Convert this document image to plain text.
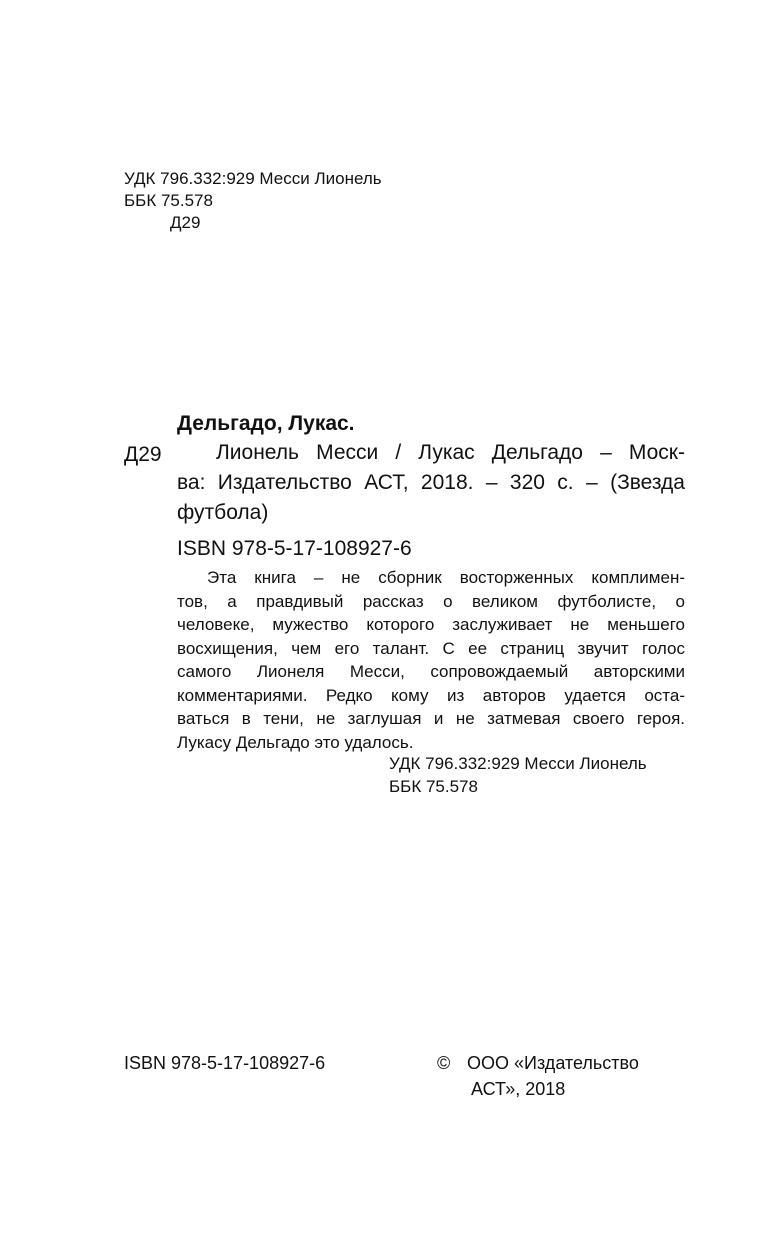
УДК 796.332:929 Месси Лионель
ББК 75.578
Д29
Дельгадо, Лукас.
Д29	Лионель Месси / Лукас Дельгадо – Моск-
ва: Издательство АСТ, 2018. – 320 с. – (Звезда
футбола)
ISBN 978-5-17-108927-6
Эта книга – не сборник восторженных комплимен-
тов, а правдивый рассказ о великом футболисте, о
человеке, мужество которого заслуживает не меньшего
восхищения, чем его талант. С ее страниц звучит голос
самого Лионеля Месси, сопровождаемый авторскими
комментариями. Редко кому из авторов удается оста-
ваться в тени, не заглушая и не затмевая своего героя.
Лукасу Дельгадо это удалось.
УДК 796.332:929 Месси Лионель
ББК 75.578
ISBN 978-5-17-108927-6	© ООО «Издательство
АСТ», 2018
